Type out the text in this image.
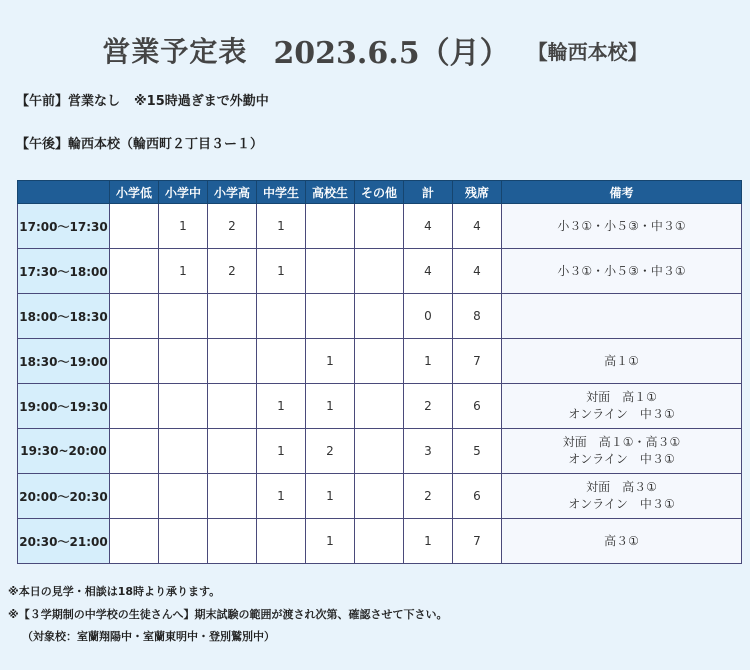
営業予定表 2023.6.5（月） 【輪西本校】
【午前】営業なし ※15時過ぎまで外勤中
【午後】輪西本校（輪西町２丁目３ー１）
	小学低	小学中	小学高	中学生	高校生	その他	計	残席	備考
17:00〜17:30		1	2	1			4	4	小３①・小５③・中３①

17:30〜18:00		1	2	1			4	4	小３①・小５③・中３①

18:00〜18:30							0	8	

18:30〜19:00					1		1	7	高１①

19:00〜19:30				1	1		2	6	対面　高１①
オンライン　中３①

19:30~20:00				1	2		3	5	対面　高１①・高３①
オンライン　中３①

20:00〜20:30				1	1		2	6	対面　高３①
オンライン　中３①

20:30〜21:00					1		1	7	高３①
※本日の見学・相談は18時より承ります。
※【３学期制の中学校の生徒さんへ】期末試験の範囲が渡され次第、確認させて下さい。
（対象校：室蘭翔陽中・室蘭東明中・登別鷲別中）
